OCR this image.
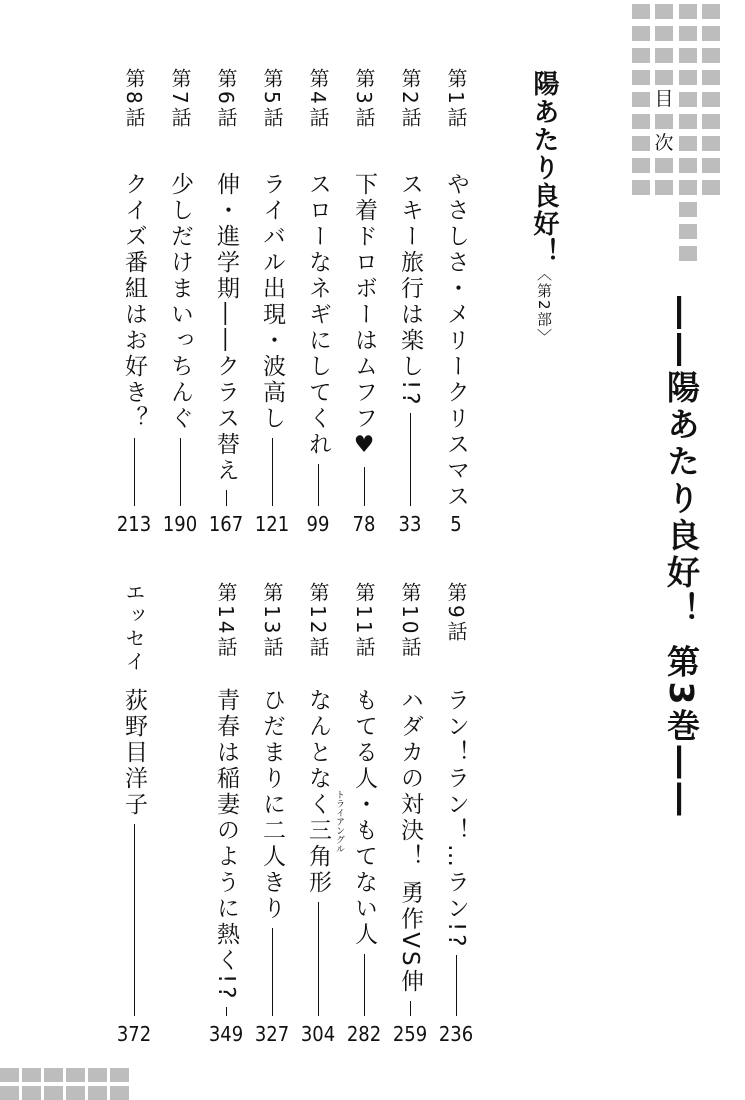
目
次
――陽あたり良好！ 第3巻――
陽あたり良好！〈第2部〉
第1話
やさしさ・メリークリスマス
5
第2話
スキー旅行は楽し!?
33
第3話
下着ドロボーはムフフ♥
78
第4話
スローなネギにしてくれ
99
第5話
ライバル出現・波高し
121
第6話
伸・進学期――クラス替え
167
第7話
少しだけまいっちんぐ
190
第8話
クイズ番組はお好き？
213
第9話
ラン！ラン！…ラン!?
236
第10話
ハダカの対決！ 勇作VS伸
259
第11話
もてる人・もてない人
282
第12話
なんとなく三角形 トライアングル
304
第13話
ひだまりに二人きり
327
第14話
青春は稲妻のように熱く!?
349
エッセイ
荻野目洋子
372
